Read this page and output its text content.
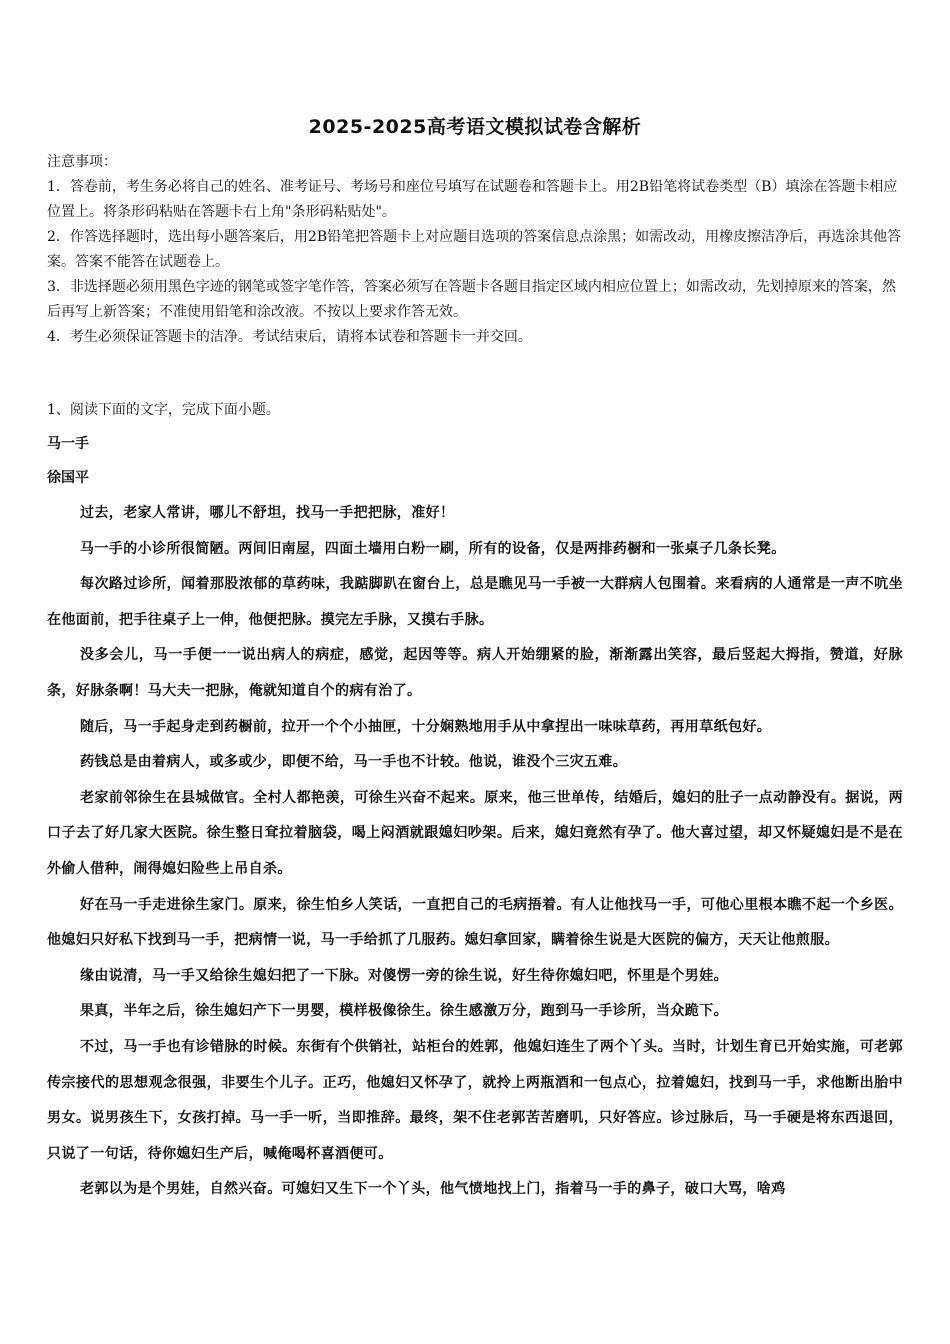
2025-2025高考语文模拟试卷含解析

注意事项：

1．答卷前，考生务必将自己的姓名、准考证号、考场号和座位号填写在试题卷和答题卡上。用2B铅笔将试卷类型（B）填涂在答题卡相应位置上。将条形码粘贴在答题卡右上角"条形码粘贴处"。

2．作答选择题时，选出每小题答案后，用2B铅笔把答题卡上对应题目选项的答案信息点涂黑；如需改动，用橡皮擦洁净后，再选涂其他答案。答案不能答在试题卷上。

3．非选择题必须用黑色字迹的钢笔或签字笔作答，答案必须写在答题卡各题目指定区域内相应位置上；如需改动，先划掉原来的答案，然后再写上新答案；不准使用铅笔和涂改液。不按以上要求作答无效。

4．考生必须保证答题卡的洁净。考试结束后，请将本试卷和答题卡一并交回。

1、阅读下面的文字，完成下面小题。
马一手
徐国平

过去，老家人常讲，哪儿不舒坦，找马一手把把脉，准好！

马一手的小诊所很简陋。两间旧南屋，四面土墙用白粉一刷，所有的设备，仅是两排药橱和一张桌子几条长凳。

每次路过诊所，闻着那股浓郁的草药味，我踮脚趴在窗台上，总是瞧见马一手被一大群病人包围着。来看病的人通常是一声不吭坐在他面前，把手往桌子上一伸，他便把脉。摸完左手脉，又摸右手脉。

没多会儿，马一手便一一说出病人的病症，感觉，起因等等。病人开始绷紧的脸，渐渐露出笑容，最后竖起大拇指，赞道，好脉条，好脉条啊！马大夫一把脉，俺就知道自个的病有治了。

随后，马一手起身走到药橱前，拉开一个个小抽匣，十分娴熟地用手从中拿捏出一味味草药，再用草纸包好。

药钱总是由着病人，或多或少，即便不给，马一手也不计较。他说，谁没个三灾五难。

老家前邻徐生在县城做官。全村人都艳羡，可徐生兴奋不起来。原来，他三世单传，结婚后，媳妇的肚子一点动静没有。据说，两口子去了好几家大医院。徐生整日耷拉着脑袋，喝上闷酒就跟媳妇吵架。后来，媳妇竟然有孕了。他大喜过望，却又怀疑媳妇是不是在外偷人借种，闹得媳妇险些上吊自杀。

好在马一手走进徐生家门。原来，徐生怕乡人笑话，一直把自己的毛病捂着。有人让他找马一手，可他心里根本瞧不起一个乡医。他媳妇只好私下找到马一手，把病情一说，马一手给抓了几服药。媳妇拿回家，瞒着徐生说是大医院的偏方，天天让他煎服。

缘由说清，马一手又给徐生媳妇把了一下脉。对傻愣一旁的徐生说，好生待你媳妇吧，怀里是个男娃。

果真，半年之后，徐生媳妇产下一男婴，模样极像徐生。徐生感激万分，跑到马一手诊所，当众跪下。

不过，马一手也有诊错脉的时候。东街有个供销社，站柜台的姓郭，他媳妇连生了两个丫头。当时，计划生育已开始实施，可老郭传宗接代的思想观念很强，非要生个儿子。正巧，他媳妇又怀孕了，就拎上两瓶酒和一包点心，拉着媳妇，找到马一手，求他断出胎中男女。说男孩生下，女孩打掉。马一手一听，当即推辞。最终，架不住老郭苦苦磨叽，只好答应。诊过脉后，马一手硬是将东西退回，只说了一句话，待你媳妇生产后，喊俺喝杯喜酒便可。

老郭以为是个男娃，自然兴奋。可媳妇又生下一个丫头，他气愤地找上门，指着马一手的鼻子，破口大骂，啥鸡
